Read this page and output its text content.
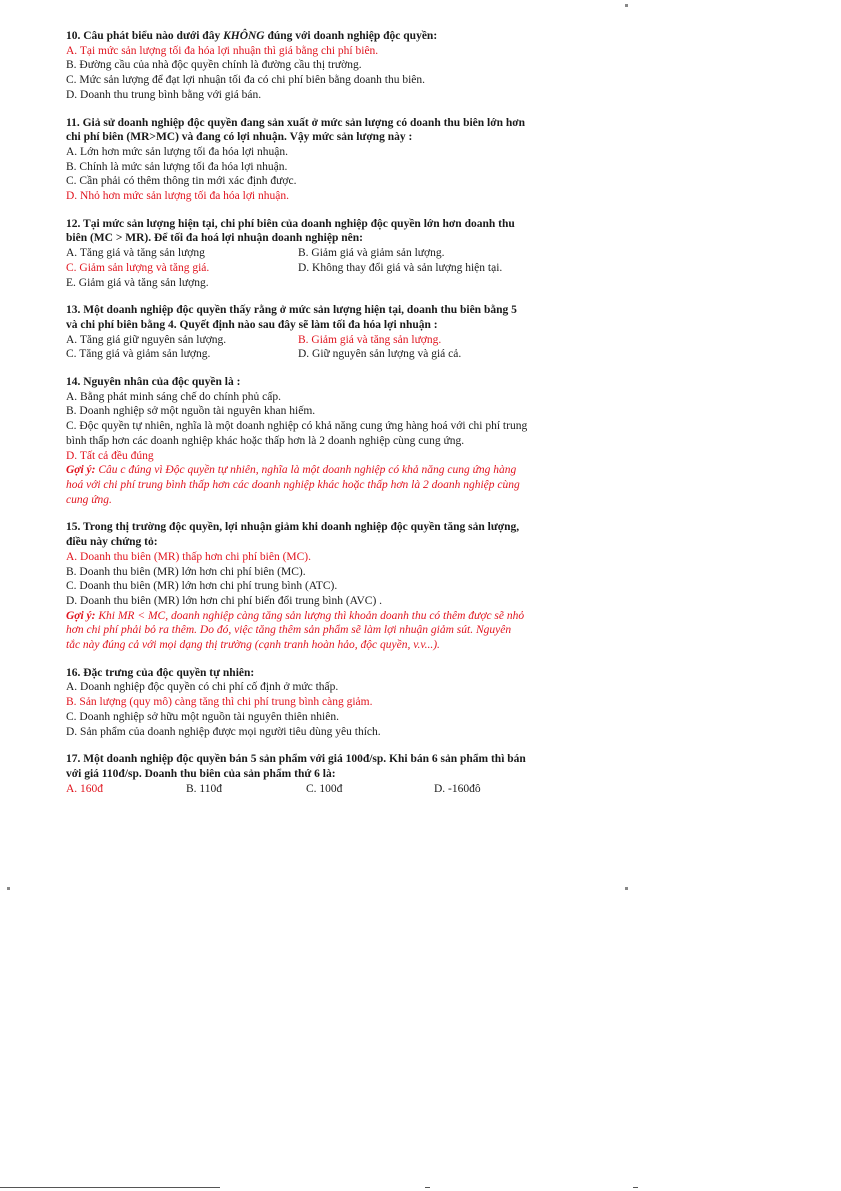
10. Câu phát biểu nào dưới đây KHÔNG đúng với doanh nghiệp độc quyền:
A. Tại mức sản lượng tối đa hóa lợi nhuận thì giá bằng chi phí biên.
B. Đường cầu của nhà độc quyền chính là đường cầu thị trường.
C. Mức sản lượng để đạt lợi nhuận tối đa có chi phí biên bằng doanh thu biên.
D. Doanh thu trung bình bằng với giá bán.
11. Giả sử doanh nghiệp độc quyền đang sản xuất ở mức sản lượng có doanh thu biên lớn hơn
chi phí biên (MR>MC) và đang có lợi nhuận. Vậy mức sản lượng này :
A. Lớn hơn mức sản lượng tối đa hóa lợi nhuận.
B. Chính là mức sản lượng tối đa hóa lợi nhuận.
C. Cần phải có thêm thông tin mới xác định được.
D. Nhỏ hơn mức sản lượng tối đa hóa lợi nhuận.
12. Tại mức sản lượng hiện tại, chi phí biên của doanh nghiệp độc quyền lớn hơn doanh thu
biên (MC > MR). Để tối đa hoá lợi nhuận doanh nghiệp nên:
A. Tăng giá và tăng sản lượng	B. Giảm giá và giảm sản lượng.
C. Giảm sản lượng và tăng giá.	D. Không thay đổi giá và sản lượng hiện tại.
E. Giảm giá và tăng sản lượng.
13. Một doanh nghiệp độc quyền thấy rằng ở mức sản lượng hiện tại, doanh thu biên bằng 5
và chi phí biên bằng 4. Quyết định nào sau đây sẽ làm tối đa hóa lợi nhuận :
A. Tăng giá giữ nguyên sản lượng.	B. Giảm giá và tăng sản lượng.
C. Tăng giá và giảm sản lượng.	D. Giữ nguyên sản lượng và giá cả.
14. Nguyên nhân của độc quyền là :
A. Bằng phát minh sáng chế do chính phủ cấp.
B. Doanh nghiệp sở một nguồn tài nguyên khan hiếm.
C. Độc quyền tự nhiên, nghĩa là một doanh nghiệp có khả năng cung ứng hàng hoá với chi phí trung
bình thấp hơn các doanh nghiệp khác hoặc thấp hơn là 2 doanh nghiệp cùng cung ứng.
D. Tất cả đều đúng
Gợi ý: Câu c đúng vì Độc quyền tự nhiên, nghĩa là một doanh nghiệp có khả năng cung ứng hàng
hoá với chi phí trung bình thấp hơn các doanh nghiệp khác hoặc thấp hơn là 2 doanh nghiệp cùng
cung ứng.
15. Trong thị trường độc quyền, lợi nhuận giảm khi doanh nghiệp độc quyền tăng sản lượng,
điều này chứng tỏ:
A. Doanh thu biên (MR) thấp hơn chi phí biên (MC).
B. Doanh thu biên (MR) lớn hơn chi phí biên (MC).
C. Doanh thu biên (MR) lớn hơn chi phí trung bình (ATC).
D. Doanh thu biên (MR) lớn hơn chi phí biến đổi trung bình (AVC) .
Gợi ý: Khi MR < MC, doanh nghiệp càng tăng sản lượng thì khoản doanh thu có thêm được sẽ nhỏ
hơn chi phí phải bỏ ra thêm. Do đó, việc tăng thêm sản phẩm sẽ làm lợi nhuận giảm sút. Nguyên
tắc này đúng cả với mọi dạng thị trường (cạnh tranh hoàn hảo, độc quyền, v.v...).
16. Đặc trưng của độc quyền tự nhiên:
A. Doanh nghiệp độc quyền có chi phí cố định ở mức thấp.
B. Sản lượng (quy mô) càng tăng thì chi phí trung bình càng giảm.
C. Doanh nghiệp sở hữu một nguồn tài nguyên thiên nhiên.
D. Sản phẩm của doanh nghiệp được mọi người tiêu dùng yêu thích.
17. Một doanh nghiệp độc quyền bán 5 sản phẩm với giá 100đ/sp. Khi bán 6 sản phẩm thì bán
với giá 110đ/sp. Doanh thu biên của sản phẩm thứ 6 là:
A. 160đ	B. 110đ	C. 100đ	D. -160đô
